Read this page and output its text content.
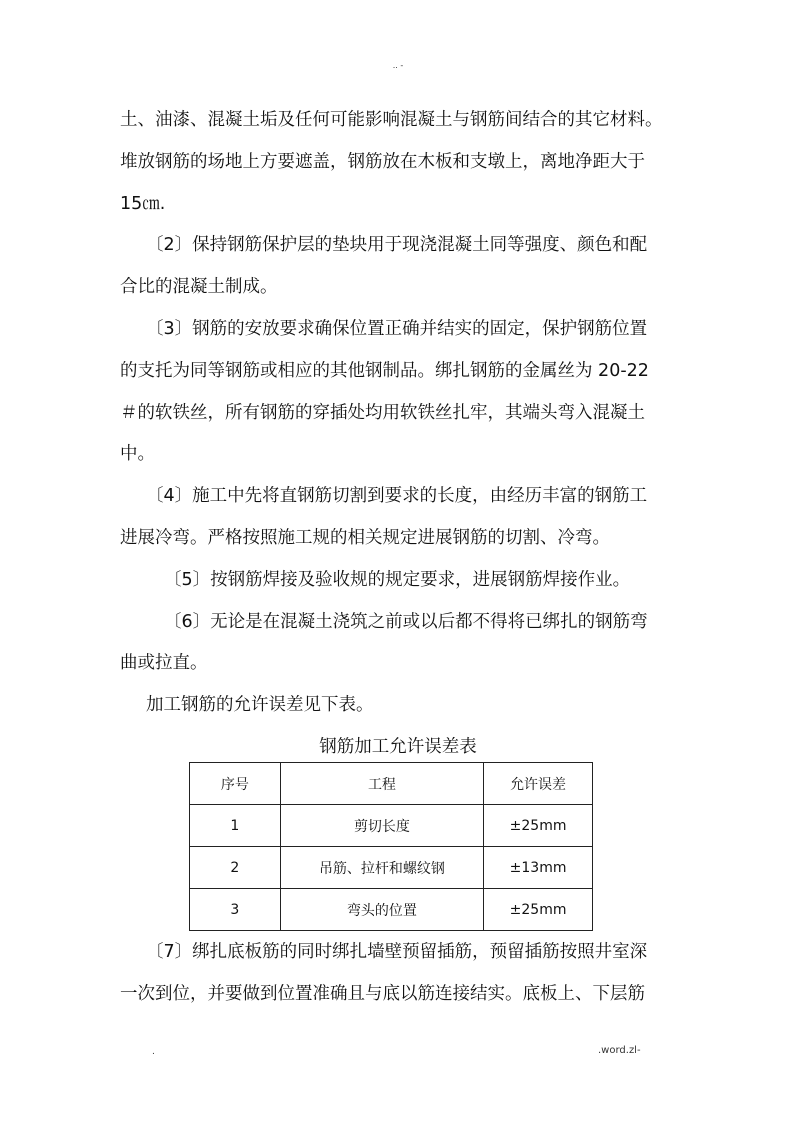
.. -
土、油漆、混凝土垢及任何可能影响混凝土与钢筋间结合的其它材料。
堆放钢筋的场地上方要遮盖，钢筋放在木板和支墩上，离地净距大于
15㎝.
〔2〕保持钢筋保护层的垫块用于现浇混凝土同等强度、颜色和配
合比的混凝土制成。
〔3〕钢筋的安放要求确保位置正确并结实的固定，保护钢筋位置
的支托为同等钢筋或相应的其他钢制品。绑扎钢筋的金属丝为 20-22
＃的软铁丝，所有钢筋的穿插处均用软铁丝扎牢，其端头弯入混凝土
中。
〔4〕施工中先将直钢筋切割到要求的长度，由经历丰富的钢筋工
进展冷弯。严格按照施工规的相关规定进展钢筋的切割、冷弯。
〔5〕按钢筋焊接及验收规的规定要求，进展钢筋焊接作业。
〔6〕无论是在混凝土浇筑之前或以后都不得将已绑扎的钢筋弯
曲或拉直。
加工钢筋的允许误差见下表。
钢筋加工允许误差表
序号	工程	允许误差
1	剪切长度	±25mm
2	吊筋、拉杆和螺纹钢	±13mm
3	弯头的位置	±25mm
〔7〕绑扎底板筋的同时绑扎墙壁预留插筋，预留插筋按照井室深
一次到位，并要做到位置准确且与底以筋连接结实。底板上、下层筋
.	.word.zl-
